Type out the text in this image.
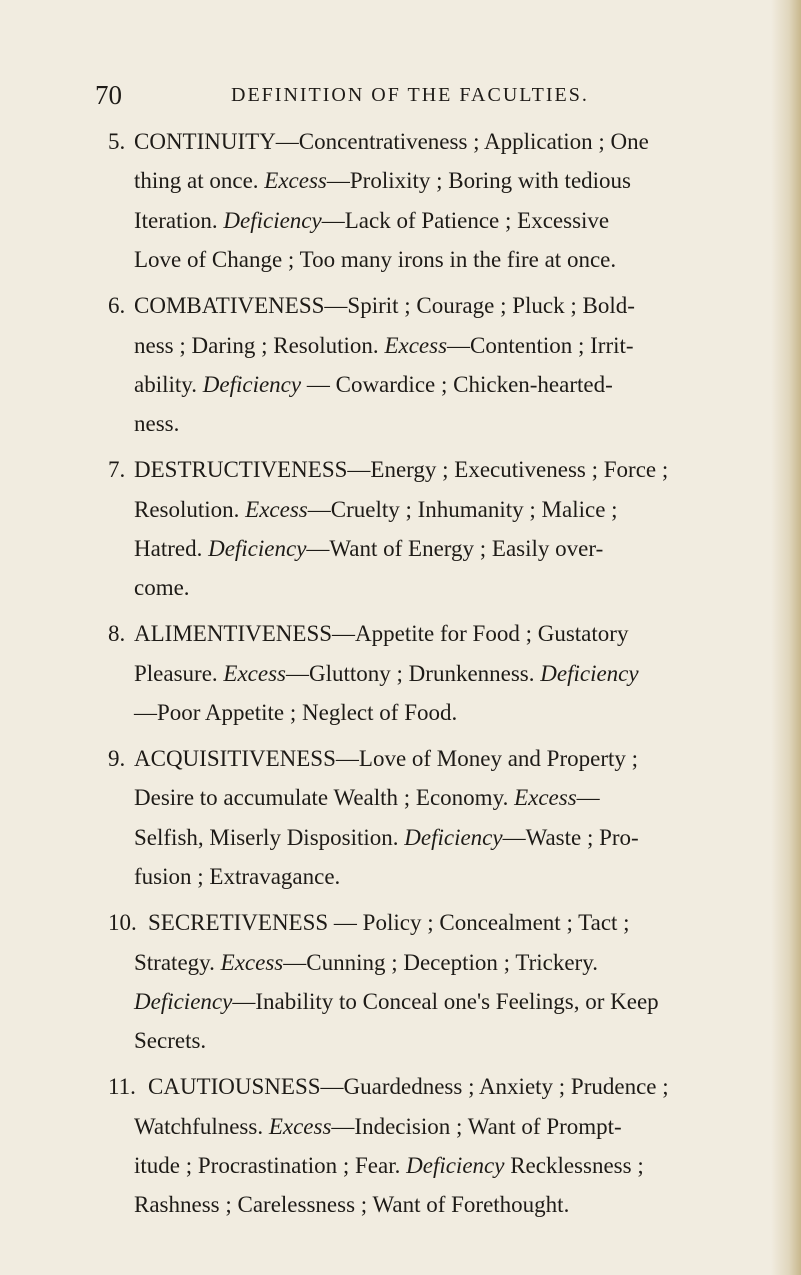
70	DEFINITION OF THE FACULTIES.
5. CONTINUITY—Concentrativeness ; Application ; One
thing at once. Excess—Prolixity ; Boring with tedious
Iteration. Deficiency—Lack of Patience ; Excessive
Love of Change ; Too many irons in the fire at once.
6. COMBATIVENESS—Spirit ; Courage ; Pluck ; Bold-
ness ; Daring ; Resolution. Excess—Contention ; Irrit-
ability. Deficiency — Cowardice ; Chicken-hearted-
ness.
7. DESTRUCTIVENESS—Energy ; Executiveness ; Force ;
Resolution. Excess—Cruelty ; Inhumanity ; Malice ;
Hatred. Deficiency—Want of Energy ; Easily over-
come.
8. ALIMENTIVENESS—Appetite for Food ; Gustatory
Pleasure. Excess—Gluttony ; Drunkenness. Deficiency
—Poor Appetite ; Neglect of Food.
9. ACQUISITIVENESS—Love of Money and Property ;
Desire to accumulate Wealth ; Economy. Excess—
Selfish, Miserly Disposition. Deficiency—Waste ; Pro-
fusion ; Extravagance.
10. SECRETIVENESS — Policy ; Concealment ; Tact ;
Strategy. Excess—Cunning ; Deception ; Trickery.
Deficiency—Inability to Conceal one's Feelings, or Keep
Secrets.
11. CAUTIOUSNESS—Guardedness ; Anxiety ; Prudence ;
Watchfulness. Excess—Indecision ; Want of Prompt-
itude ; Procrastination ; Fear. Deficiency Recklessness ;
Rashness ; Carelessness ; Want of Forethought.
